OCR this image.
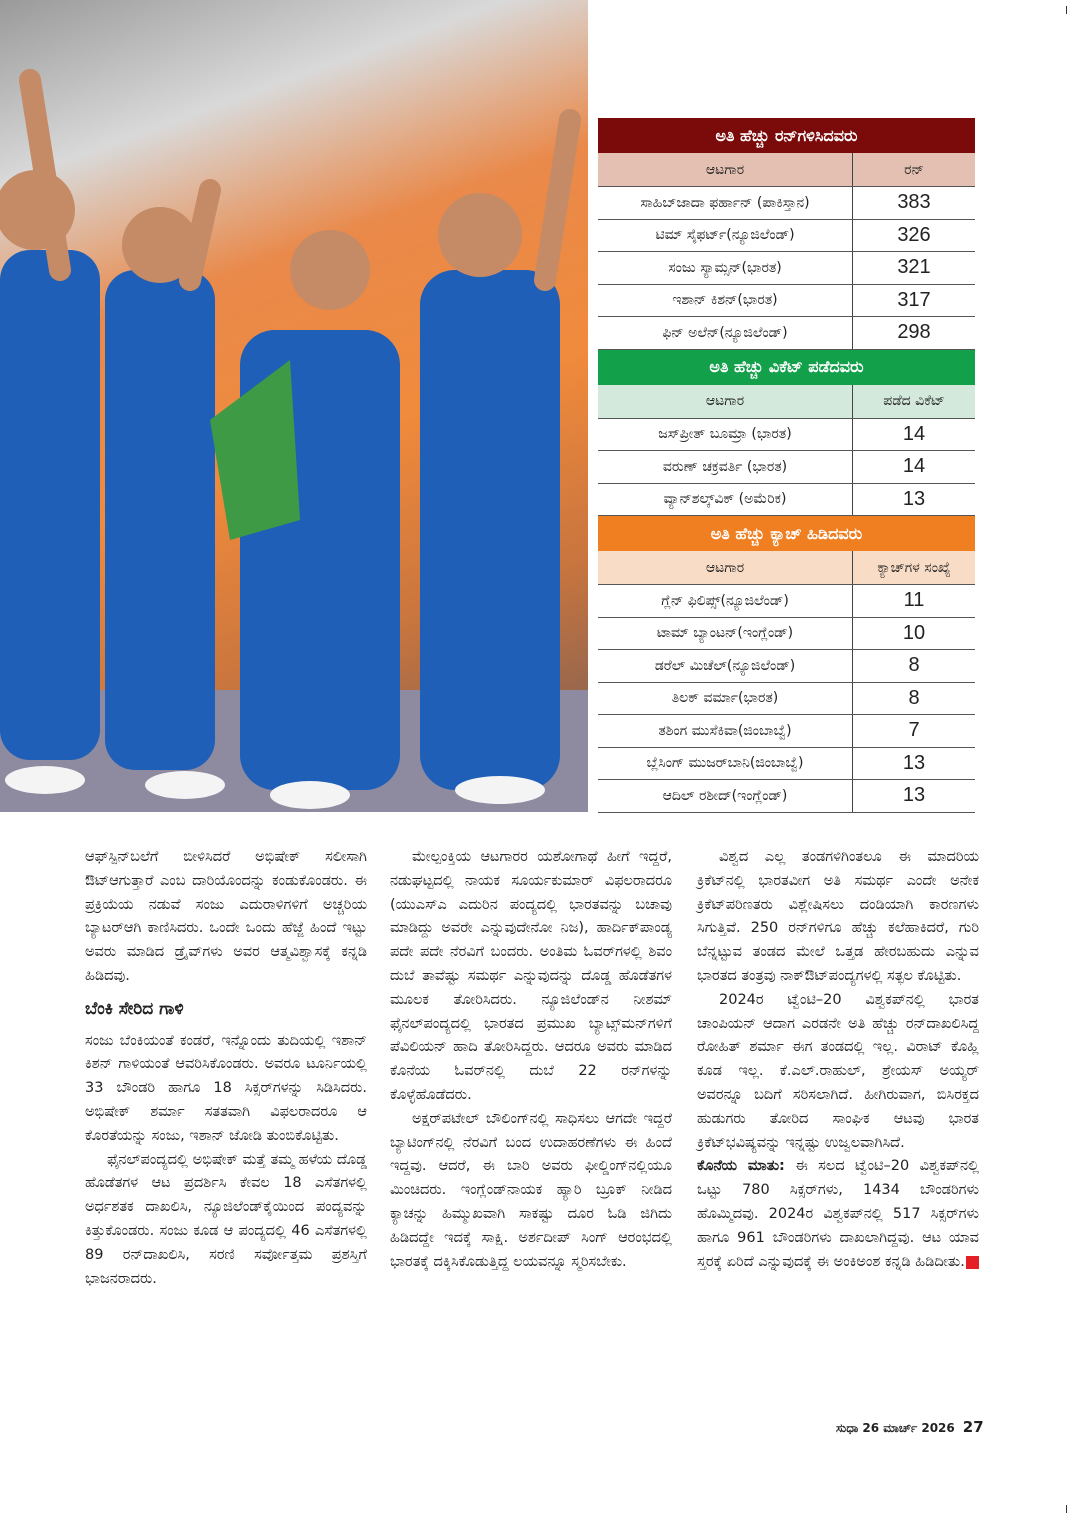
ಅತಿ ಹೆಚ್ಚು ರನ್‌ಗಳಿಸಿದವರು
ಆಟಗಾರ	ರನ್
ಸಾಹಿಬ್‌ಜಾದಾ ಫರ್ಹಾನ್ (ಪಾಕಿಸ್ತಾನ)	383
ಟಿಮ್ ಸೈಫರ್ಟ್(ನ್ಯೂಜಿಲೆಂಡ್)	326
ಸಂಜು ಸ್ಯಾಮ್ಸನ್(ಭಾರತ)	321
ಇಶಾನ್ ಕಿಶನ್(ಭಾರತ)	317
ಫಿನ್ ಅಲೆನ್(ನ್ಯೂಜಿಲೆಂಡ್)	298
ಅತಿ ಹೆಚ್ಚು ವಿಕೆಟ್ ಪಡೆದವರು
ಆಟಗಾರ	ಪಡೆದ ವಿಕೆಟ್
ಜಸ್‌ಪ್ರೀತ್ ಬೂಮ್ರಾ (ಭಾರತ)	14
ವರುಣ್ ಚಕ್ರವರ್ತಿ (ಭಾರತ)	14
ವ್ಯಾನ್‌ಶಲ್ಕ್‌ವಿಕ್ (ಅಮೆರಿಕ)	13
ಅತಿ ಹೆಚ್ಚು ಕ್ಯಾಚ್ ಹಿಡಿದವರು
ಆಟಗಾರ	ಕ್ಯಾಚ್‌ಗಳ ಸಂಖ್ಯೆ
ಗ್ಲೆನ್ ಫಿಲಿಪ್ಸ್(ನ್ಯೂಜಿಲೆಂಡ್)	11
ಟಾಮ್ ಬ್ಯಾಂಟನ್(ಇಂಗ್ಲೆಂಡ್)	10
ಡರೆಲ್ ಮಿಚೆಲ್(ನ್ಯೂಜಿಲೆಂಡ್)	8
ತಿಲಕ್ ವರ್ಮಾ(ಭಾರತ)	8
ತಶಿಂಗ ಮುಸೆಕಿವಾ(ಜಿಂಬಾಬ್ವೆ)	7
ಬ್ಲೆಸಿಂಗ್ ಮುಜರ್‌ಬಾನಿ(ಜಿಂಬಾಬ್ವೆ)	13
ಆದಿಲ್ ರಶೀದ್(ಇಂಗ್ಲೆಂಡ್)	13

ಆಫ್‌ಸ್ಪಿನ್‌ಬಲೆಗೆ ಬೀಳಿಸಿದರೆ ಅಭಿಷೇಕ್ ಸಲೀಸಾಗಿ ಔಟ್‌ಆಗುತ್ತಾರೆ ಎಂಬ ದಾರಿಯೊಂದನ್ನು ಕಂಡುಕೊಂಡರು. ಈ ಪ್ರಕ್ರಿಯೆಯ ನಡುವೆ ಸಂಜು ಎದುರಾಳಿಗಳಿಗೆ ಅಚ್ಚರಿಯ ಬ್ಯಾಟರ್‌ಆಗಿ ಕಾಣಿಸಿದರು. ಒಂದೇ ಒಂದು ಹೆಜ್ಜೆ ಹಿಂದೆ ಇಟ್ಟು ಅವರು ಮಾಡಿದ ಡ್ರೈವ್‌ಗಳು ಅವರ ಆತ್ಮವಿಶ್ವಾಸಕ್ಕೆ ಕನ್ನಡಿ ಹಿಡಿದವು.

ಬೆಂಕಿ ಸೇರಿದ ಗಾಳಿ

ಸಂಜು ಬೆಂಕಿಯಂತೆ ಕಂಡರೆ, ಇನ್ನೊಂದು ತುದಿಯಲ್ಲಿ ಇಶಾನ್ ಕಿಶನ್ ಗಾಳಿಯಂತೆ ಆವರಿಸಿಕೊಂಡರು. ಅವರೂ ಟೂರ್ನಿಯಲ್ಲಿ 33 ಬೌಂಡರಿ ಹಾಗೂ 18 ಸಿಕ್ಸರ್‌ಗಳನ್ನು ಸಿಡಿಸಿದರು. ಅಭಿಷೇಕ್ ಶರ್ಮಾ ಸತತವಾಗಿ ವಿಫಲರಾದರೂ ಆ ಕೊರತೆಯನ್ನು ಸಂಜು, ಇಶಾನ್ ಜೋಡಿ ತುಂಬಿಕೊಟ್ಟಿತು.

ಫೈನಲ್‌ಪಂದ್ಯದಲ್ಲಿ ಅಭಿಷೇಕ್ ಮತ್ತೆ ತಮ್ಮ ಹಳೆಯ ದೊಡ್ಡ ಹೊಡೆತಗಳ ಆಟ ಪ್ರದರ್ಶಿಸಿ ಕೇವಲ 18 ಎಸೆತಗಳಲ್ಲಿ ಅರ್ಧಶತಕ ದಾಖಲಿಸಿ, ನ್ಯೂಜಿಲೆಂಡ್‌ಕೈಯಿಂದ ಪಂದ್ಯವನ್ನು ಕಿತ್ತುಕೊಂಡರು. ಸಂಜು ಕೂಡ ಆ ಪಂದ್ಯದಲ್ಲಿ 46 ಎಸೆತಗಳಲ್ಲಿ 89 ರನ್‌ದಾಖಲಿಸಿ, ಸರಣಿ ಸರ್ವೋತ್ತಮ ಪ್ರಶಸ್ತಿಗೆ ಭಾಜನರಾದರು.

ಮೇಲ್ಪಂಕ್ತಿಯ ಆಟಗಾರರ ಯಶೋಗಾಥೆ ಹೀಗೆ ಇದ್ದರೆ, ನಡುಘಟ್ಟದಲ್ಲಿ ನಾಯಕ ಸೂರ್ಯಕುಮಾರ್ ವಿಫಲರಾದರೂ (ಯುಎಸ್‌ಎ ಎದುರಿನ ಪಂದ್ಯದಲ್ಲಿ ಭಾರತವನ್ನು ಬಚಾವು ಮಾಡಿದ್ದು ಅವರೇ ಎನ್ನುವುದೇನೋ ನಿಜ), ಹಾರ್ದಿಕ್‌ಪಾಂಡ್ಯ ಪದೇ ಪದೇ ನೆರವಿಗೆ ಬಂದರು. ಅಂತಿಮ ಓವರ್‌ಗಳಲ್ಲಿ ಶಿವಂ ದುಬೆ ತಾವೆಷ್ಟು ಸಮರ್ಥ ಎನ್ನುವುದನ್ನು ದೊಡ್ಡ ಹೊಡೆತಗಳ ಮೂಲಕ ತೋರಿಸಿದರು. ನ್ಯೂಜಿಲೆಂಡ್‌ನ ನೀಶಮ್ ಫೈನಲ್‌ಪಂದ್ಯದಲ್ಲಿ ಭಾರತದ ಪ್ರಮುಖ ಬ್ಯಾಟ್ಸ್‌ಮನ್‌ಗಳಿಗೆ ಪೆವಿಲಿಯನ್ ಹಾದಿ ತೋರಿಸಿದ್ದರು. ಆದರೂ ಅವರು ಮಾಡಿದ ಕೊನೆಯ ಓವರ್‌ನಲ್ಲಿ ದುಬೆ 22 ರನ್‌ಗಳನ್ನು ಕೊಳ್ಳೆಹೊಡೆದರು.

ಅಕ್ಷರ್‌ಪಟೇಲ್ ಬೌಲಿಂಗ್‌ನಲ್ಲಿ ಸಾಧಿಸಲು ಆಗದೇ ಇದ್ದರೆ ಬ್ಯಾಟಿಂಗ್‌ನಲ್ಲಿ ನೆರವಿಗೆ ಬಂದ ಉದಾಹರಣೆಗಳು ಈ ಹಿಂದೆ ಇದ್ದವು. ಆದರೆ, ಈ ಬಾರಿ ಅವರು ಫೀಲ್ಡಿಂಗ್‌ನಲ್ಲಿಯೂ ಮಿಂಚಿದರು. ಇಂಗ್ಲೆಂಡ್‌ನಾಯಕ ಹ್ಯಾರಿ ಬ್ರೂಕ್ ನೀಡಿದ ಕ್ಯಾಚನ್ನು ಹಿಮ್ಮುಖವಾಗಿ ಸಾಕಷ್ಟು ದೂರ ಓಡಿ ಜಿಗಿದು ಹಿಡಿದದ್ದೇ ಇದಕ್ಕೆ ಸಾಕ್ಷಿ. ಅರ್ಶದೀಪ್ ಸಿಂಗ್ ಆರಂಭದಲ್ಲಿ ಭಾರತಕ್ಕೆ ದಕ್ಕಿಸಿಕೊಡುತ್ತಿದ್ದ ಲಯವನ್ನೂ ಸ್ಮರಿಸಬೇಕು.

ವಿಶ್ವದ ಎಲ್ಲ ತಂಡಗಳಿಗಿಂತಲೂ ಈ ಮಾದರಿಯ ಕ್ರಿಕೆಟ್‌ನಲ್ಲಿ ಭಾರತವೀಗ ಅತಿ ಸಮರ್ಥ ಎಂದೇ ಅನೇಕ ಕ್ರಿಕೆಟ್‌ಪರಿಣತರು ವಿಶ್ಲೇಷಿಸಲು ದಂಡಿಯಾಗಿ ಕಾರಣಗಳು ಸಿಗುತ್ತಿವೆ. 250 ರನ್‌ಗಳಿಗೂ ಹೆಚ್ಚು ಕಲೆಹಾಕಿದರೆ, ಗುರಿ ಬೆನ್ನಟ್ಟುವ ತಂಡದ ಮೇಲೆ ಒತ್ತಡ ಹೇರಬಹುದು ಎನ್ನುವ ಭಾರತದ ತಂತ್ರವು ನಾಕ್‌ಔಟ್‌ಪಂದ್ಯಗಳಲ್ಲಿ ಸತ್ಫಲ ಕೊಟ್ಟಿತು.

2024ರ ಟ್ವೆಂಟಿ–20 ವಿಶ್ವಕಪ್‌ನಲ್ಲಿ ಭಾರತ ಚಾಂಪಿಯನ್ ಆದಾಗ ಎರಡನೇ ಅತಿ ಹೆಚ್ಚು ರನ್‌ದಾಖಲಿಸಿದ್ದ ರೋಹಿತ್ ಶರ್ಮಾ ಈಗ ತಂಡದಲ್ಲಿ ಇಲ್ಲ. ವಿರಾಟ್ ಕೊಹ್ಲಿ ಕೂಡ ಇಲ್ಲ. ಕೆ.ಎಲ್.ರಾಹುಲ್, ಶ್ರೇಯಸ್ ಅಯ್ಯರ್ ಅವರನ್ನೂ ಬದಿಗೆ ಸರಿಸಲಾಗಿದೆ. ಹೀಗಿರುವಾಗ, ಬಿಸಿರಕ್ತದ ಹುಡುಗರು ತೋರಿದ ಸಾಂಘಿಕ ಆಟವು ಭಾರತ ಕ್ರಿಕೆಟ್‌ಭವಿಷ್ಯವನ್ನು ಇನ್ನಷ್ಟು ಉಜ್ವಲವಾಗಿಸಿದೆ.

ಕೊನೆಯ ಮಾತು: ಈ ಸಲದ ಟ್ವೆಂಟಿ–20 ವಿಶ್ವಕಪ್‌ನಲ್ಲಿ ಒಟ್ಟು 780 ಸಿಕ್ಸರ್‌ಗಳು, 1434 ಬೌಂಡರಿಗಳು ಹೊಮ್ಮಿದವು. 2024ರ ವಿಶ್ವಕಪ್‌ನಲ್ಲಿ 517 ಸಿಕ್ಸರ್‌ಗಳು ಹಾಗೂ 961 ಬೌಂಡರಿಗಳು ದಾಖಲಾಗಿದ್ದವು. ಆಟ ಯಾವ ಸ್ತರಕ್ಕೆ ಏರಿದೆ ಎನ್ನುವುದಕ್ಕೆ ಈ ಅಂಕಿಅಂಶ ಕನ್ನಡಿ ಹಿಡಿದೀತು.

ಸುಧಾ 26 ಮಾರ್ಚ್ 2026 27
